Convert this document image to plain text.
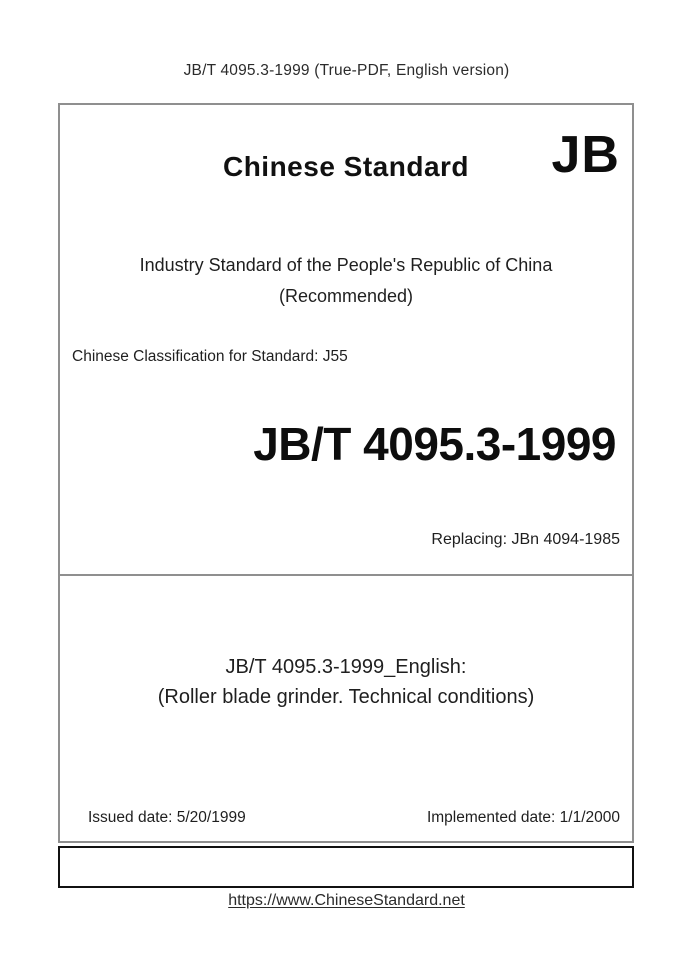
JB/T 4095.3-1999 (True-PDF, English version)
Chinese Standard	JB
Industry Standard of the People's Republic of China
(Recommended)
Chinese Classification for Standard: J55
JB/T 4095.3-1999
Replacing: JBn 4094-1985
JB/T 4095.3-1999_English:
(Roller blade grinder. Technical conditions)
Issued date: 5/20/1999	Implemented date: 1/1/2000
https://www.ChineseStandard.net
